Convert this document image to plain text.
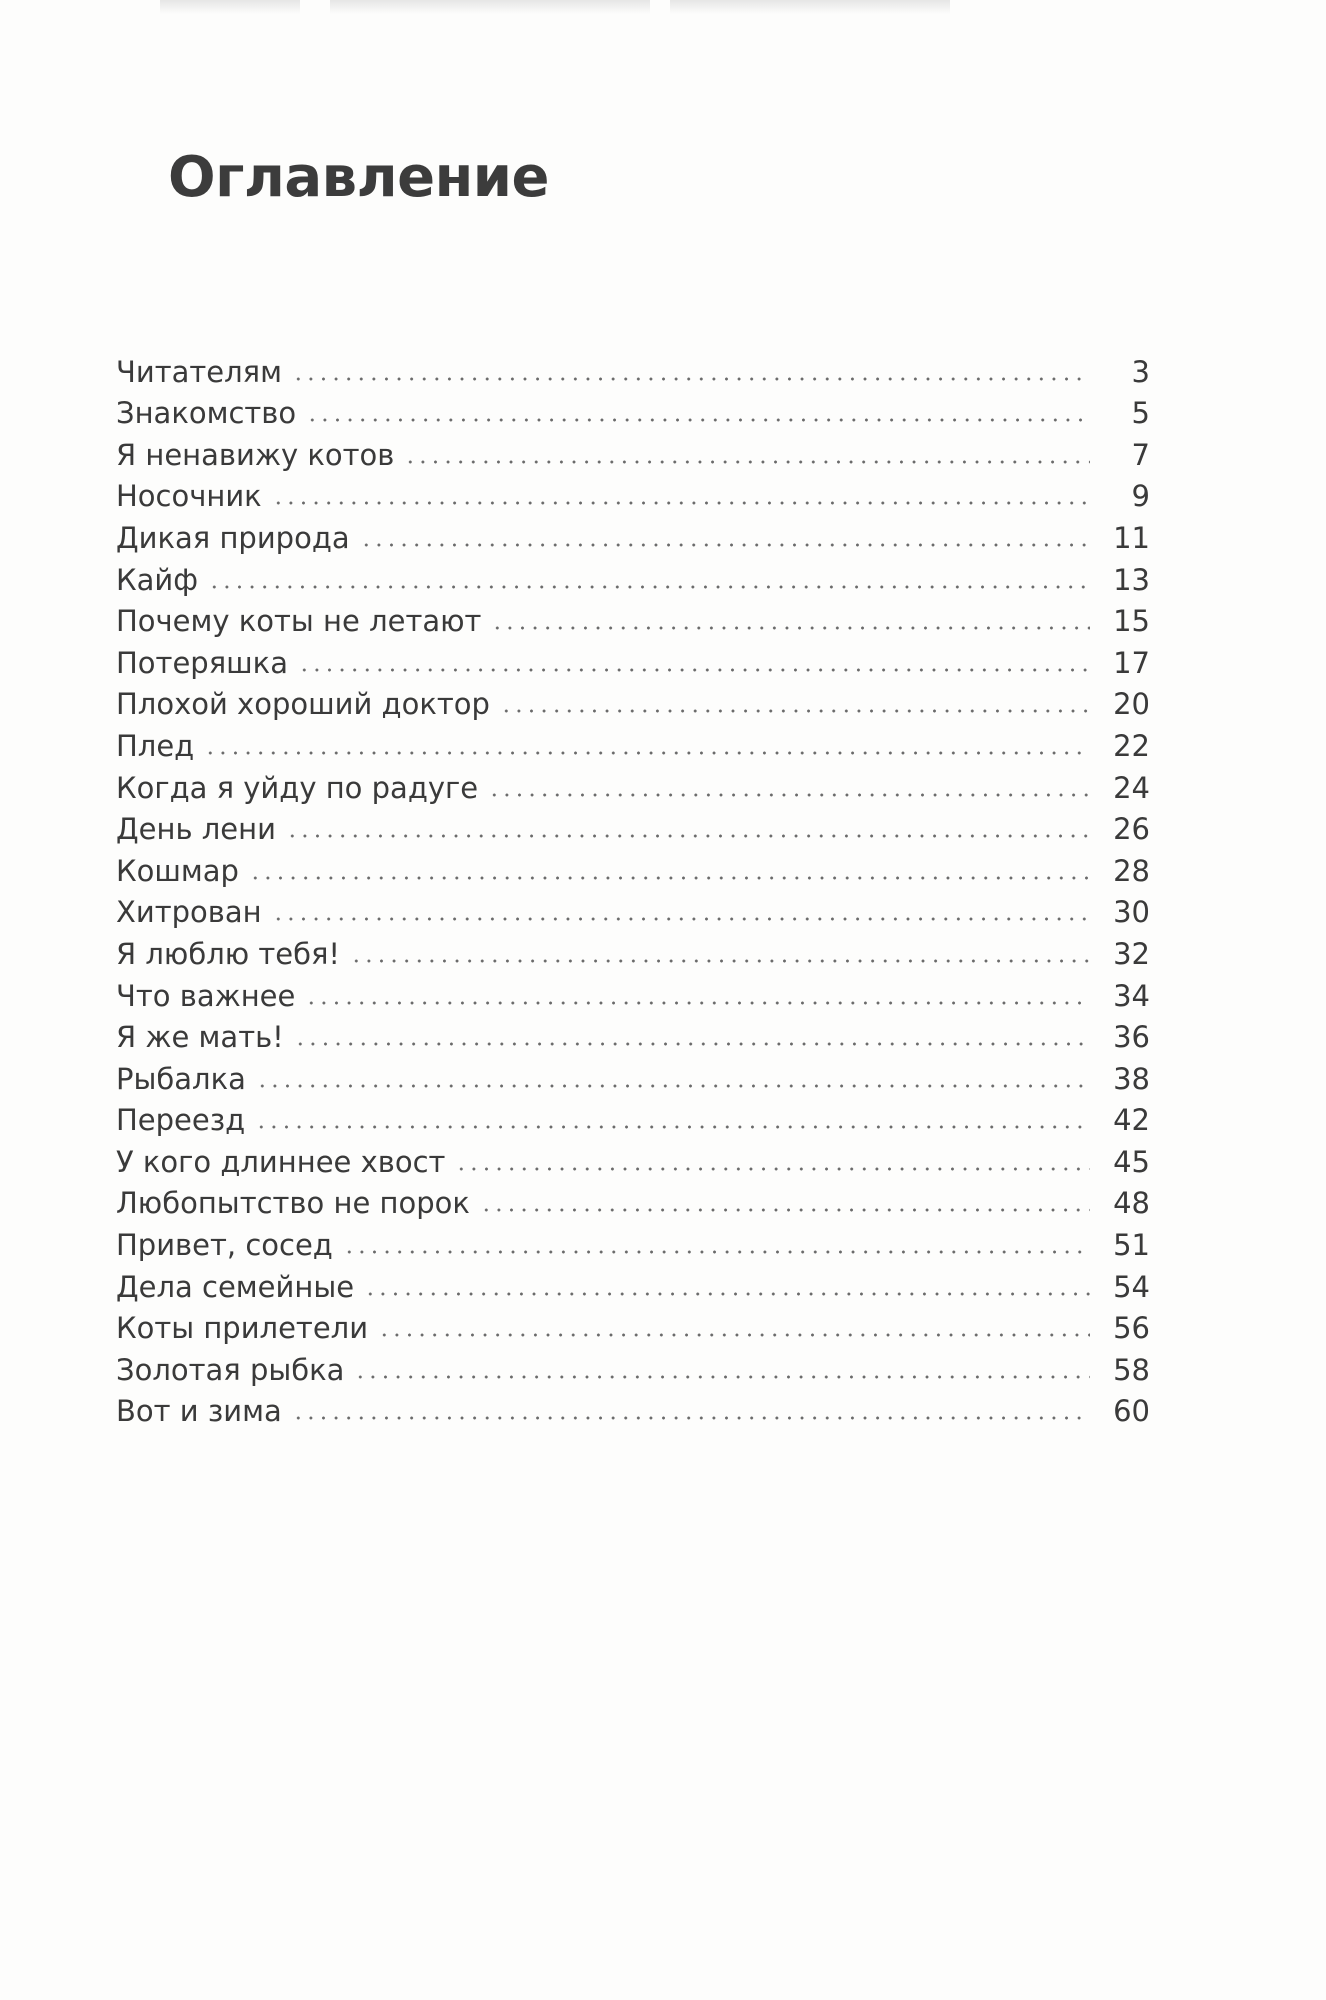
Оглавление
Читателям	3
Знакомство	5
Я ненавижу котов	7
Носочник	9
Дикая природа	11
Кайф	13
Почему коты не летают	15
Потеряшка	17
Плохой хороший доктор	20
Плед	22
Когда я уйду по радуге	24
День лени	26
Кошмар	28
Хитрован	30
Я люблю тебя!	32
Что важнее	34
Я же мать!	36
Рыбалка	38
Переезд	42
У кого длиннее хвост	45
Любопытство не порок	48
Привет, сосед	51
Дела семейные	54
Коты прилетели	56
Золотая рыбка	58
Вот и зима	60
